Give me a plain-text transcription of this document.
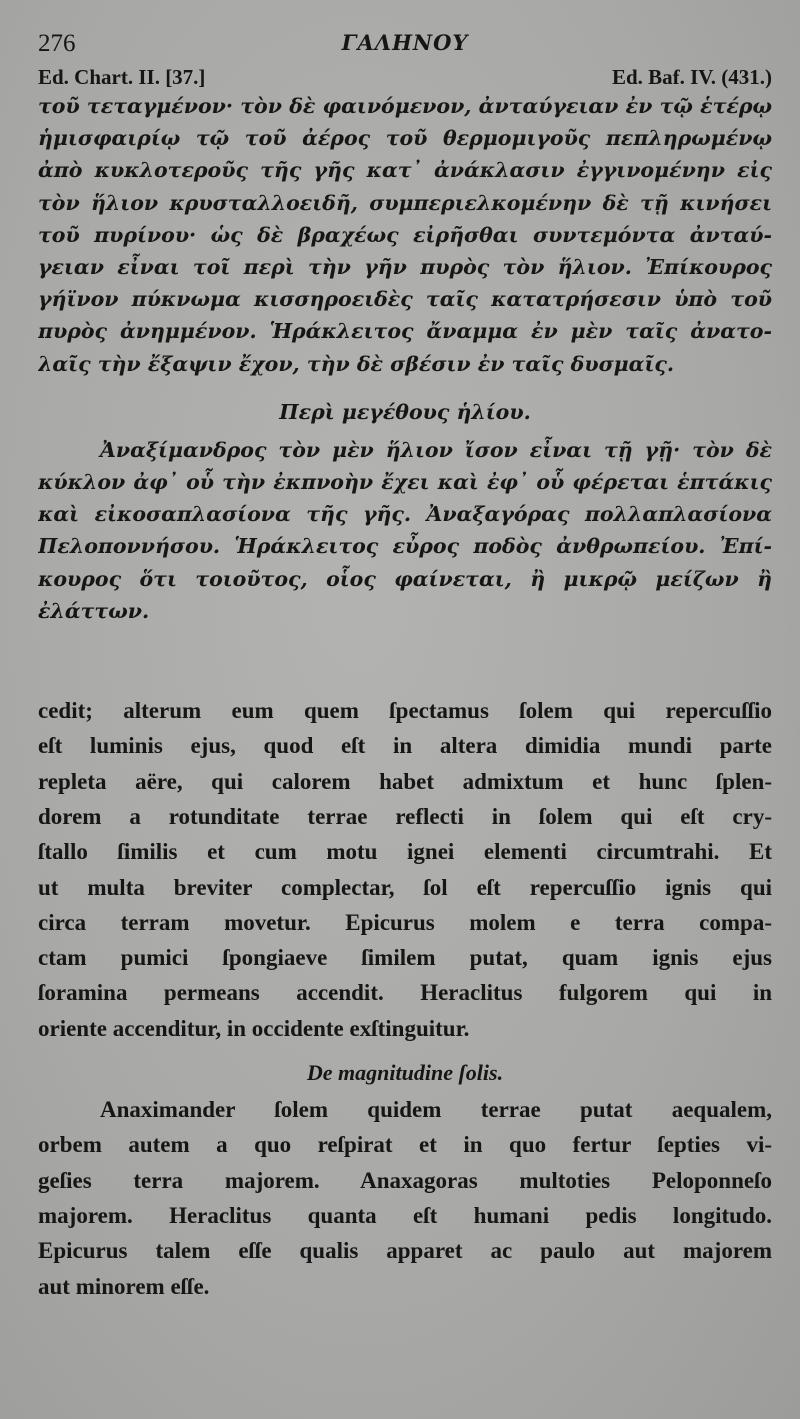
276	ΓΑΛΗΝΟΥ
Ed. Chart. II. [37.]	Ed. Baf. IV. (431.)
τοῦ τεταγμένον· τὸν δὲ φαινόμενον, ἀνταύγειαν ἐν τῷ ἑτέρῳ
ἡμισφαιρίῳ τῷ τοῦ ἀέρος τοῦ θερμομιγοῦς πεπληρωμένῳ
ἀπὸ κυκλοτεροῦς τῆς γῆς κατ᾽ ἀνάκλασιν ἐγγινομένην εἰς
τὸν ἥλιον κρυσταλλοειδῆ, συμπεριελκομένην δὲ τῇ κινήσει
τοῦ πυρίνου· ὡς δὲ βραχέως εἰρῆσθαι συντεμόντα ἀνταύ-
γειαν εἶναι τοῖ περὶ τὴν γῆν πυρὸς τὸν ἥλιον. Ἐπίκουρος
γήϊνον πύκνωμα κισσηροειδὲς ταῖς κατατρήσεσιν ὑπὸ τοῦ
πυρὸς ἀνημμένον. Ἡράκλειτος ἄναμμα ἐν μὲν ταῖς ἀνατο-
λαῖς τὴν ἔξαψιν ἔχον, τὴν δὲ σβέσιν ἐν ταῖς δυσμαῖς.
Περὶ μεγέθους ἡλίου.
Ἀναξίμανδρος τὸν μὲν ἥλιον ἴσον εἶναι τῇ γῇ· τὸν δὲ
κύκλον ἀφ᾽ οὗ τὴν ἐκπνοὴν ἔχει καὶ ἐφ᾽ οὗ φέρεται ἑπτάκις
καὶ εἰκοσαπλασίονα τῆς γῆς. Ἀναξαγόρας πολλαπλασίονα
Πελοποννήσου. Ἡράκλειτος εὖρος ποδὸς ἀνθρωπείου. Ἐπί-
κουρος ὅτι τοιοῦτος, οἷος φαίνεται, ἢ μικρῷ μείζων ἢ
ἐλάττων.
cedit; alterum eum quem ſpectamus ſolem qui repercuſſio
eſt luminis ejus, quod eſt in altera dimidia mundi parte
repleta aëre, qui calorem habet admixtum et hunc ſplen-
dorem a rotunditate terrae reflecti in ſolem qui eſt cry-
ſtallo ſimilis et cum motu ignei elementi circumtrahi. Et
ut multa breviter complectar, ſol eſt repercuſſio ignis qui
circa terram movetur. Epicurus molem e terra compa-
ctam pumici ſpongiaeve ſimilem putat, quam ignis ejus
ſoramina permeans accendit. Heraclitus fulgorem qui in
oriente accenditur, in occidente exſtinguitur.
De magnitudine ſolis.
Anaximander ſolem quidem terrae putat aequalem,
orbem autem a quo reſpirat et in quo fertur ſepties vi-
geſies terra majorem. Anaxagoras multoties Peloponneſo
majorem. Heraclitus quanta eſt humani pedis longitudo.
Epicurus talem eſſe qualis apparet ac paulo aut majorem
aut minorem eſſe.
